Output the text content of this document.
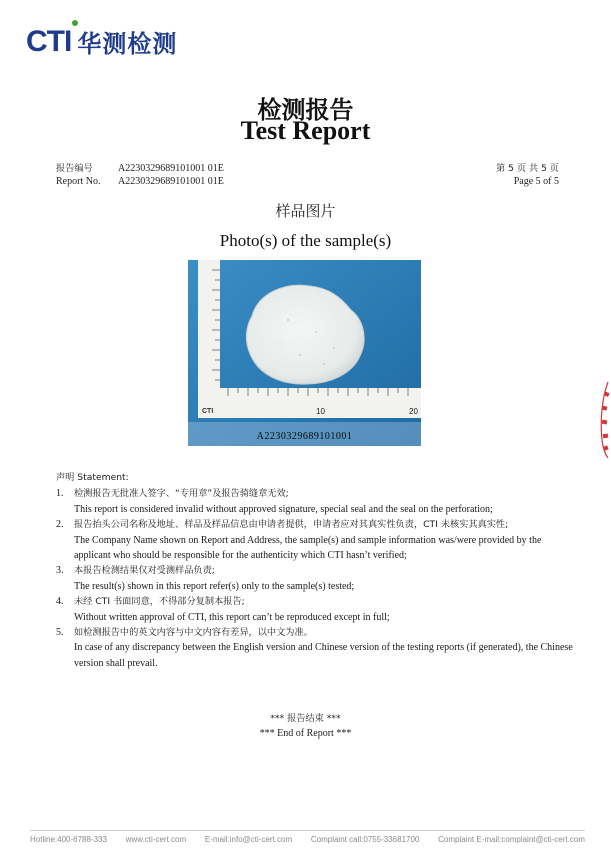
CTI 华测检测
检测报告
Test Report
报告编号	A2230329689101001 01E
Report No. A2230329689101001 01E
第 5 页 共 5 页
Page 5 of 5
样品图片
Photo(s) of the sample(s)
CTI	10	20
A2230329689101001
声明 Statement:
1. 检测报告无批准人签字、“专用章”及报告骑缝章无效;
This report is considered invalid without approved signature, special seal and the seal on the perforation;
2. 报告抬头公司名称及地址、样品及样品信息由申请者提供，申请者应对其真实性负责，CTI 未核实其真实性;
The Company Name shown on Report and Address, the sample(s) and sample information was/were provided by the applicant who should be responsible for the authenticity which CTI hasn’t verified;
3. 本报告检测结果仅对受测样品负责;
The result(s) shown in this report refer(s) only to the sample(s) tested;
4. 未经 CTI 书面同意，不得部分复制本报告;
Without written approval of CTI, this report can’t be reproduced except in full;
5. 如检测报告中的英文内容与中文内容有差异，以中文为准。
In case of any discrepancy between the English version and Chinese version of the testing reports (if generated), the Chinese version shall prevail.
*** 报告结束 ***
*** End of Report ***
Hotline:400-6788-333 www.cti-cert.com E-mail:info@cti-cert.com Complaint call:0755-33681700 Complaint E-mail:complaint@cti-cert.com
